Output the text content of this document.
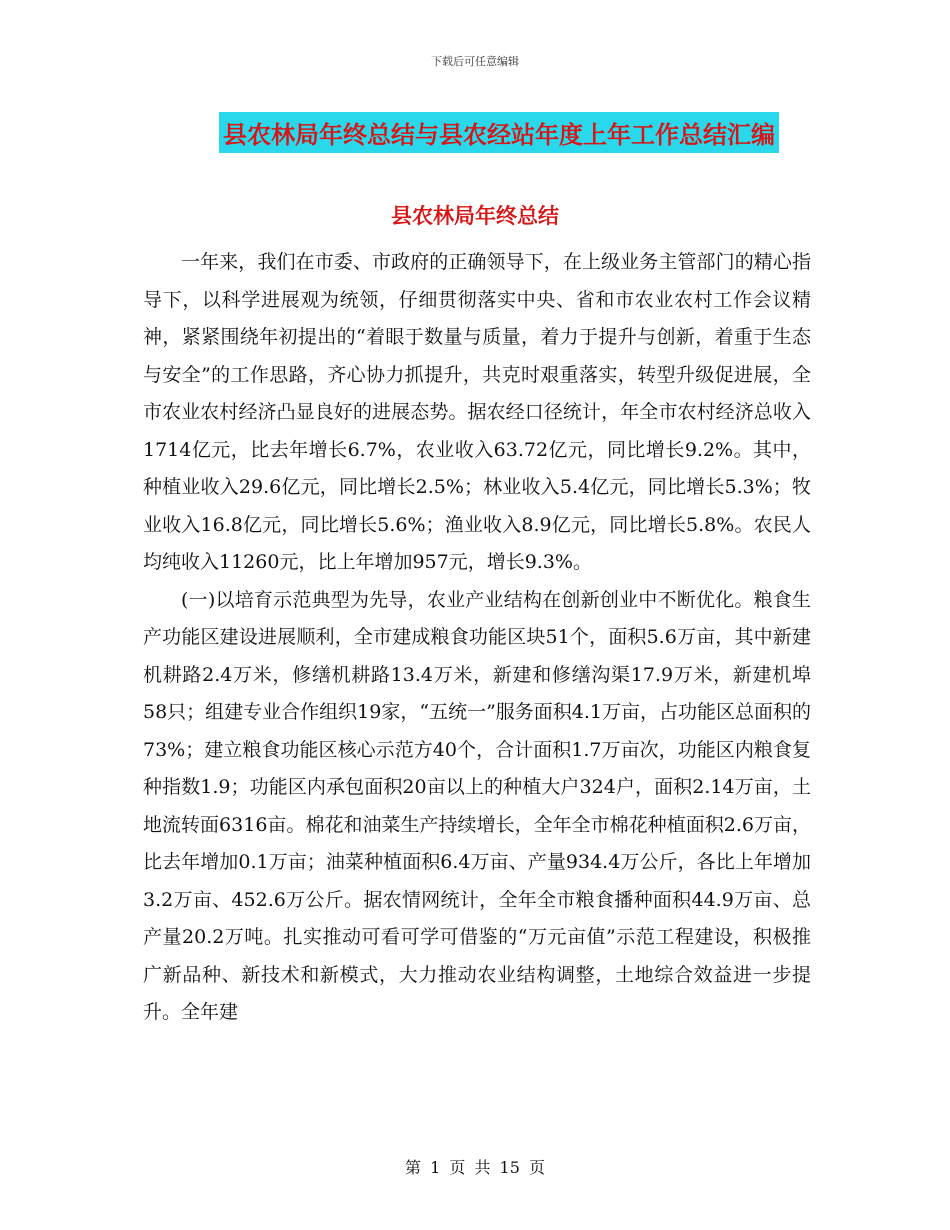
下载后可任意编辑
县农林局年终总结与县农经站年度上年工作总结汇编
县农林局年终总结

一年来，我们在市委、市政府的正确领导下，在上级业务主管部门的精心指导下，以科学进展观为统领，仔细贯彻落实中央、省和市农业农村工作会议精神，紧紧围绕年初提出的“着眼于数量与质量，着力于提升与创新，着重于生态与安全”的工作思路，齐心协力抓提升，共克时艰重落实，转型升级促进展，全市农业农村经济凸显良好的进展态势。据农经口径统计，年全市农村经济总收入1714亿元，比去年增长6.7%，农业收入63.72亿元，同比增长9.2%。其中，种植业收入29.6亿元，同比增长2.5%；林业收入5.4亿元，同比增长5.3%；牧业收入16.8亿元，同比增长5.6%；渔业收入8.9亿元，同比增长5.8%。农民人均纯收入11260元，比上年增加957元，增长9.3%。

(一)以培育示范典型为先导，农业产业结构在创新创业中不断优化。粮食生产功能区建设进展顺利，全市建成粮食功能区块51个，面积5.6万亩，其中新建机耕路2.4万米，修缮机耕路13.4万米，新建和修缮沟渠17.9万米，新建机埠58只；组建专业合作组织19家，“五统一”服务面积4.1万亩，占功能区总面积的73%；建立粮食功能区核心示范方40个，合计面积1.7万亩次，功能区内粮食复种指数1.9；功能区内承包面积20亩以上的种植大户324户，面积2.14万亩，土地流转面6316亩。棉花和油菜生产持续增长，全年全市棉花种植面积2.6万亩，比去年增加0.1万亩；油菜种植面积6.4万亩、产量934.4万公斤，各比上年增加3.2万亩、452.6万公斤。据农情网统计，全年全市粮食播种面积44.9万亩、总产量20.2万吨。扎实推动可看可学可借鉴的“万元亩值”示范工程建设，积极推广新品种、新技术和新模式，大力推动农业结构调整，土地综合效益进一步提升。全年建

第 1 页 共 15 页
